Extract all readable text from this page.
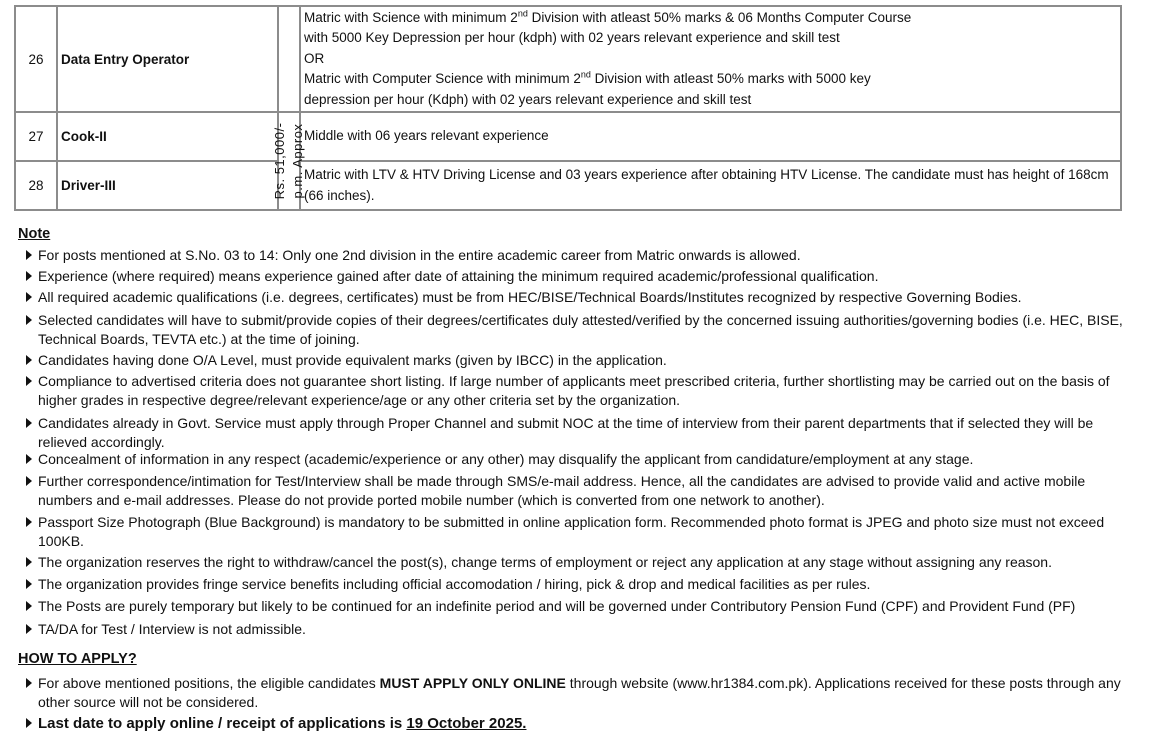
26	Data Entry Operator		Matric with Science with minimum 2nd Division with atleast 50% marks & 06 Months Computer Course
with 5000 Key Depression per hour (kdph) with 02 years relevant experience and skill test
OR
Matric with Computer Science with minimum 2nd Division with atleast 50% marks with 5000 key
depression per hour (Kdph) with 02 years relevant experience and skill test

27	Cook-II	Rs. 51,000/- p.m. Approx	Middle with 06 years relevant experience
28	Driver-III		Matric with LTV & HTV Driving License and 03 years experience after obtaining HTV License. The candidate must has height of 168cm (66 inches).
Note
For posts mentioned at S.No. 03 to 14: Only one 2nd division in the entire academic career from Matric onwards is allowed.
Experience (where required) means experience gained after date of attaining the minimum required academic/professional qualification.
All required academic qualifications (i.e. degrees, certificates) must be from HEC/BISE/Technical Boards/Institutes recognized by respective Governing Bodies.
Selected candidates will have to submit/provide copies of their degrees/certificates duly attested/verified by the concerned issuing authorities/governing bodies (i.e. HEC, BISE, Technical Boards, TEVTA etc.) at the time of joining.
Candidates having done O/A Level, must provide equivalent marks (given by IBCC) in the application.
Compliance to advertised criteria does not guarantee short listing. If large number of applicants meet prescribed criteria, further shortlisting may be carried out on the basis of higher grades in respective degree/relevant experience/age or any other criteria set by the organization.
Candidates already in Govt. Service must apply through Proper Channel and submit NOC at the time of interview from their parent departments that if selected they will be relieved accordingly.
Concealment of information in any respect (academic/experience or any other) may disqualify the applicant from candidature/employment at any stage.
Further correspondence/intimation for Test/Interview shall be made through SMS/e-mail address. Hence, all the candidates are advised to provide valid and active mobile numbers and e-mail addresses. Please do not provide ported mobile number (which is converted from one network to another).
Passport Size Photograph (Blue Background) is mandatory to be submitted in online application form. Recommended photo format is JPEG and photo size must not exceed 100KB.
The organization reserves the right to withdraw/cancel the post(s), change terms of employment or reject any application at any stage without assigning any reason.
The organization provides fringe service benefits including official accomodation / hiring, pick & drop and medical facilities as per rules.
The Posts are purely temporary but likely to be continued for an indefinite period and will be governed under Contributory Pension Fund (CPF) and Provident Fund (PF)
TA/DA for Test / Interview is not admissible.
HOW TO APPLY?
For above mentioned positions, the eligible candidates MUST APPLY ONLY ONLINE through website (www.hr1384.com.pk). Applications received for these posts through any other source will not be considered.
Last date to apply online / receipt of applications is 19 October 2025.
